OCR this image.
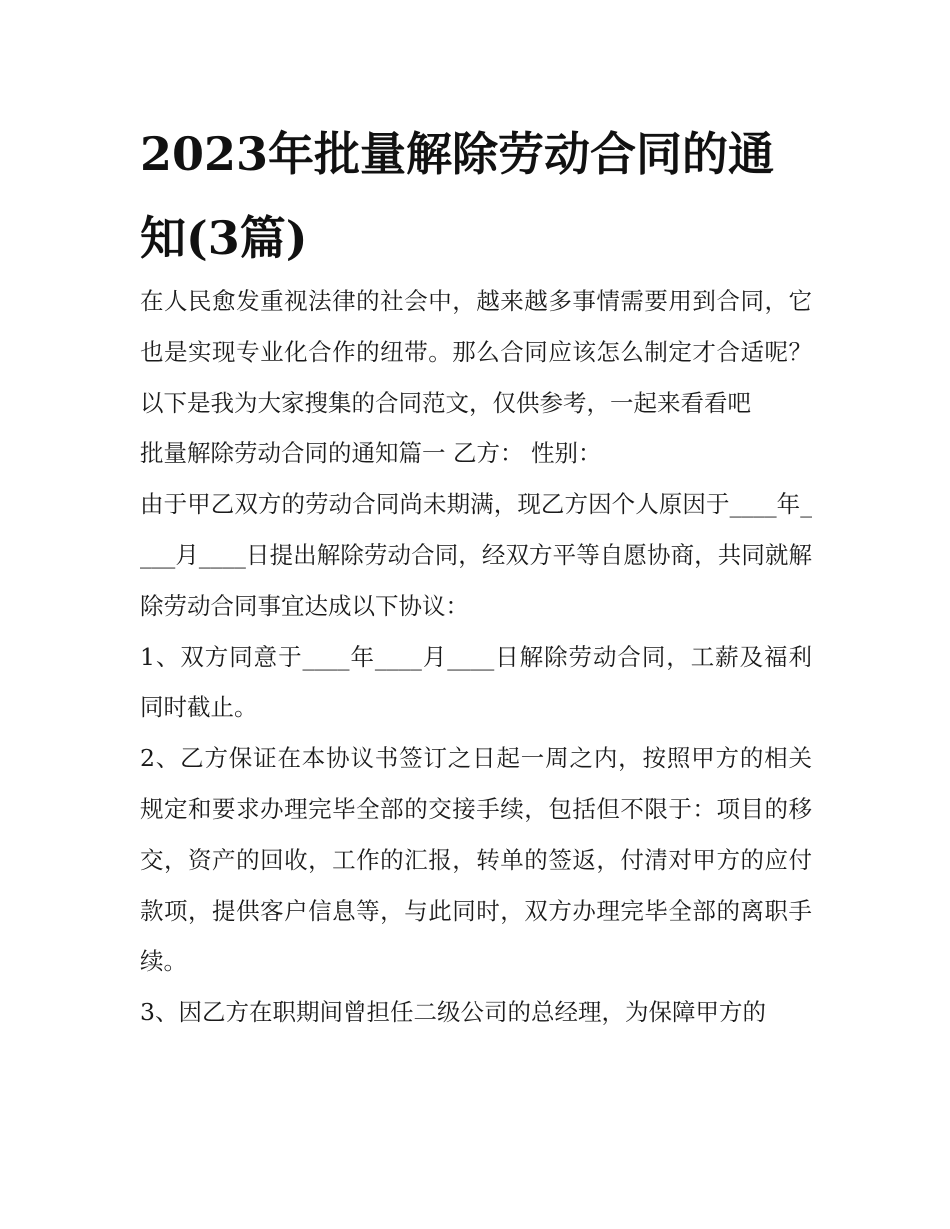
2023年批量解除劳动合同的通知(3篇)

在人民愈发重视法律的社会中，越来越多事情需要用到合同，它也是实现专业化合作的纽带。那么合同应该怎么制定才合适呢？以下是我为大家搜集的合同范文，仅供参考，一起来看看吧

批量解除劳动合同的通知篇一 乙方： 性别：

由于甲乙双方的劳动合同尚未期满，现乙方因个人原因于____年____月____日提出解除劳动合同，经双方平等自愿协商，共同就解除劳动合同事宜达成以下协议：

1、双方同意于____年____月____日解除劳动合同，工薪及福利同时截止。

2、乙方保证在本协议书签订之日起一周之内，按照甲方的相关规定和要求办理完毕全部的交接手续，包括但不限于：项目的移交，资产的回收，工作的汇报，转单的签返，付清对甲方的应付款项，提供客户信息等，与此同时，双方办理完毕全部的离职手续。

3、因乙方在职期间曾担任二级公司的总经理，为保障甲方的
